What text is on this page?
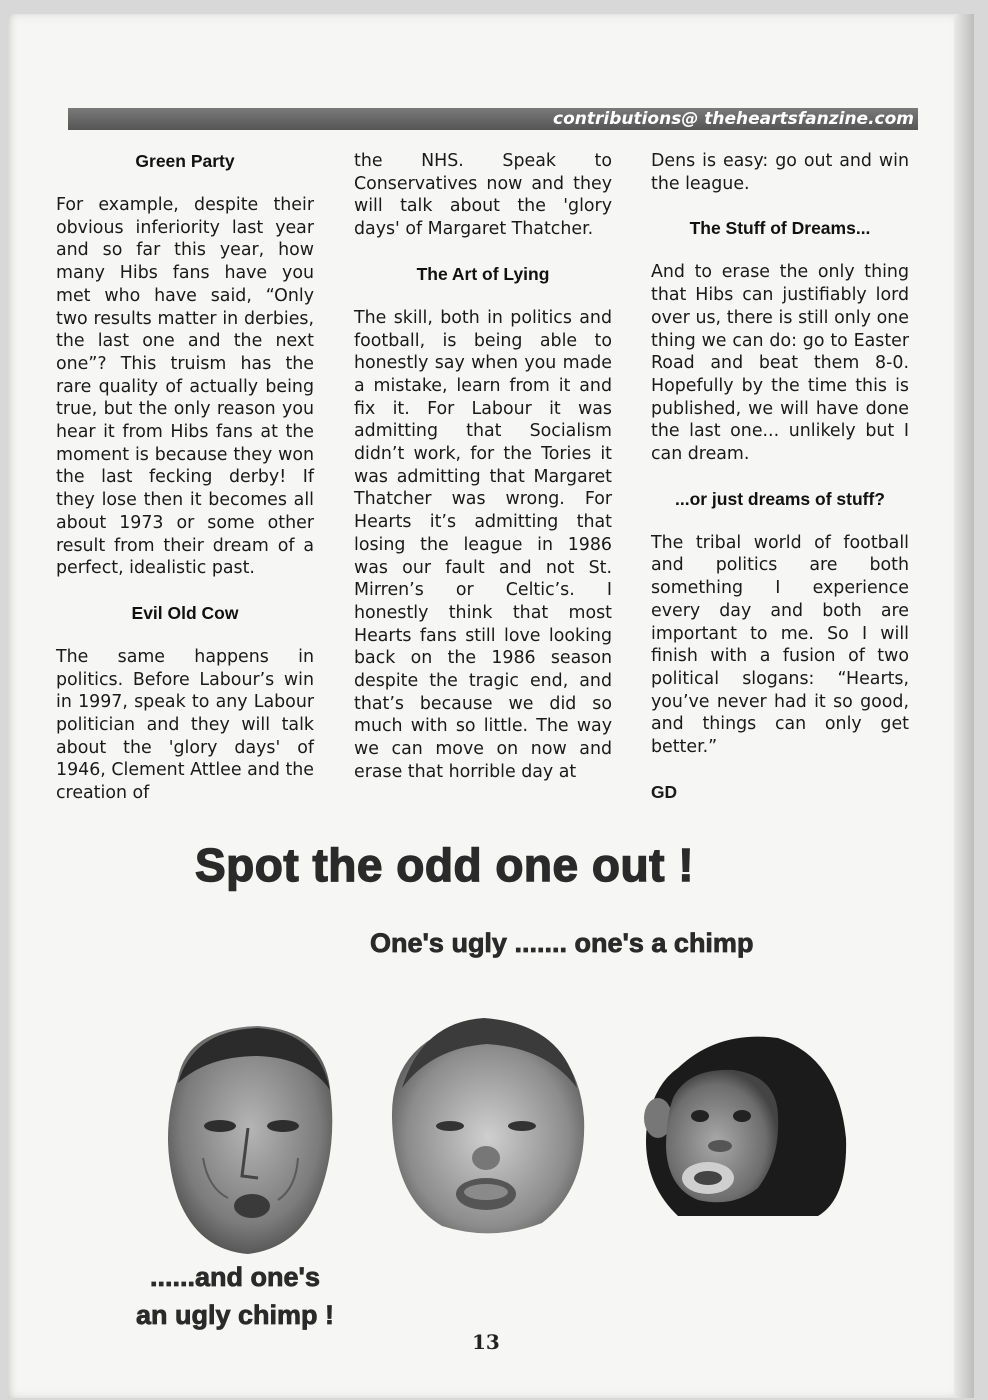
contributions@ theheartsfanzine.com
Green Party

For example, despite their obvious inferiority last year and so far this year, how many Hibs fans have you met who have said, “Only two results matter in derbies, the last one and the next one”? This truism has the rare quality of actually being true, but the only reason you hear it from Hibs fans at the moment is because they won the last fecking derby! If they lose then it becomes all about 1973 or some other result from their dream of a perfect, idealistic past.

Evil Old Cow

The same happens in politics. Before Labour’s win in 1997, speak to any Labour politician and they will talk about the 'glory days' of 1946, Clement Attlee and the creation of

the NHS. Speak to Conservatives now and they will talk about the 'glory days' of Margaret Thatcher.

The Art of Lying

The skill, both in politics and football, is being able to honestly say when you made a mistake, learn from it and fix it. For Labour it was admitting that Socialism didn’t work, for the Tories it was admitting that Margaret Thatcher was wrong. For Hearts it’s admitting that losing the league in 1986 was our fault and not St. Mirren’s or Celtic’s. I honestly think that most Hearts fans still love looking back on the 1986 season despite the tragic end, and that’s because we did so much with so little. The way we can move on now and erase that horrible day at

Dens is easy: go out and win the league.

The Stuff of Dreams...

And to erase the only thing that Hibs can justifiably lord over us, there is still only one thing we can do: go to Easter Road and beat them 8-0. Hopefully by the time this is published, we will have done the last one... unlikely but I can dream.

...or just dreams of stuff?

The tribal world of football and politics are both something I experience every day and both are important to me. So I will finish with a fusion of two political slogans: “Hearts, you’ve never had it so good, and things can only get better.”

GD

Spot the odd one out !
One's ugly ....... one's a chimp
......and one's
an ugly chimp !
13
